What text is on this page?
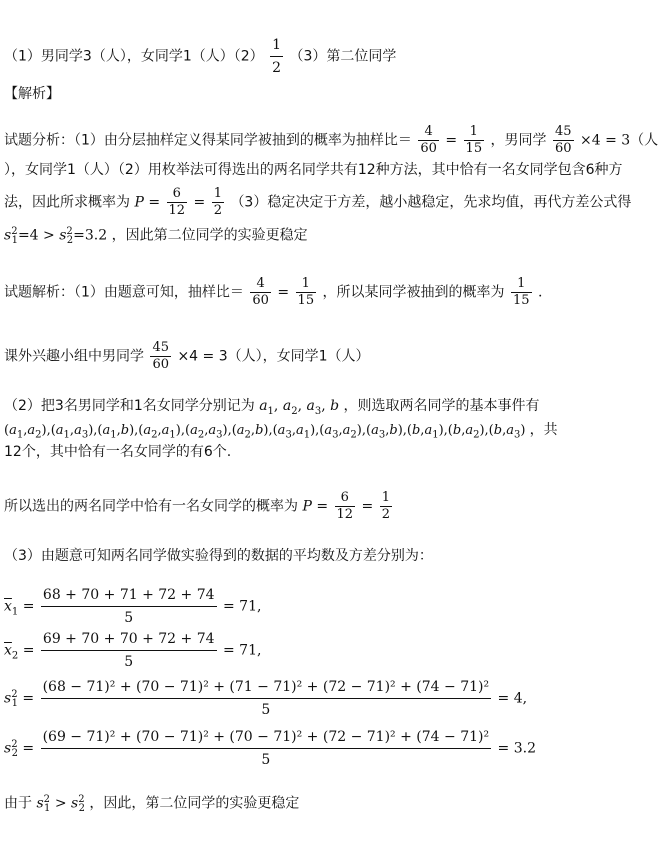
（1）男同学3（人），女同学1（人）$(2) \frac{1}{2} (3)$第二位同学
【解析】
试题分析：（1）由分层抽样定义得某同学被抽到的概率为抽样比＝ $\frac{4}{60} = \frac{1}{15}$ ，男同学 $\frac{45}{60} \times 4 = 3$（人
），女同学1（人）（2）用枚举法可得选出的两名同学共有12种方法，其中恰有一名女同学包含6种方
法，因此所求概率为 $P = \frac{6}{12} = \frac{1}{2} (3)$稳定决定于方差，越小越稳定，先求均值，再代方差公式得
$s^2_1=4 > s^2_2=3.2$ ，因此第二位同学的实验更稳定
试题解析：（1）由题意可知，抽样比＝ $\frac{4}{60} = \frac{1}{15}$ ，所以某同学被抽到的概率为 $\frac{1}{15}$ .
课外兴趣小组中男同学 $\frac{45}{60} \times 4 = 3$（人），女同学1（人）
（2）把3名男同学和1名女同学分别记为 $a_1$, $a_2$, $a_3$, b ，则选取两名同学的基本事件有
$(a_1,a_2),(a_1,a_3),(a_1,b),(a_2,a_1),(a_2,a_3),(a_2,b),(a_3,a_1),(a_3,a_2),(a_3,b),(b,a_1),(b,a_2),(b,a_3)$ ，共
12个，其中恰有一名女同学的有6个.
所以选出的两名同学中恰有一名女同学的概率为 $P = \frac{6}{12} = \frac{1}{2}$
（3）由题意可知两名同学做实验得到的数据的平均数及方差分别为：
$\overline{x}_1 = \frac{68 + 70 + 71 + 72 + 74}{5} = 71$,
$\overline{x}_2 = \frac{69 + 70 + 70 + 72 + 74}{5} = 71$,
$s^2_1$ =
(68 − 71)² + (70 − 71)² + (71 − 71)² + (72 − 71)² + (74 − 71)²
5
= 4,
$s^2_2$ =
(69 − 71)² + (70 − 71)² + (70 − 71)² + (72 − 71)² + (74 − 71)²
5
= 3.2
由于 $s^2_1 > s^2_2$ ，因此，第二位同学的实验更稳定
